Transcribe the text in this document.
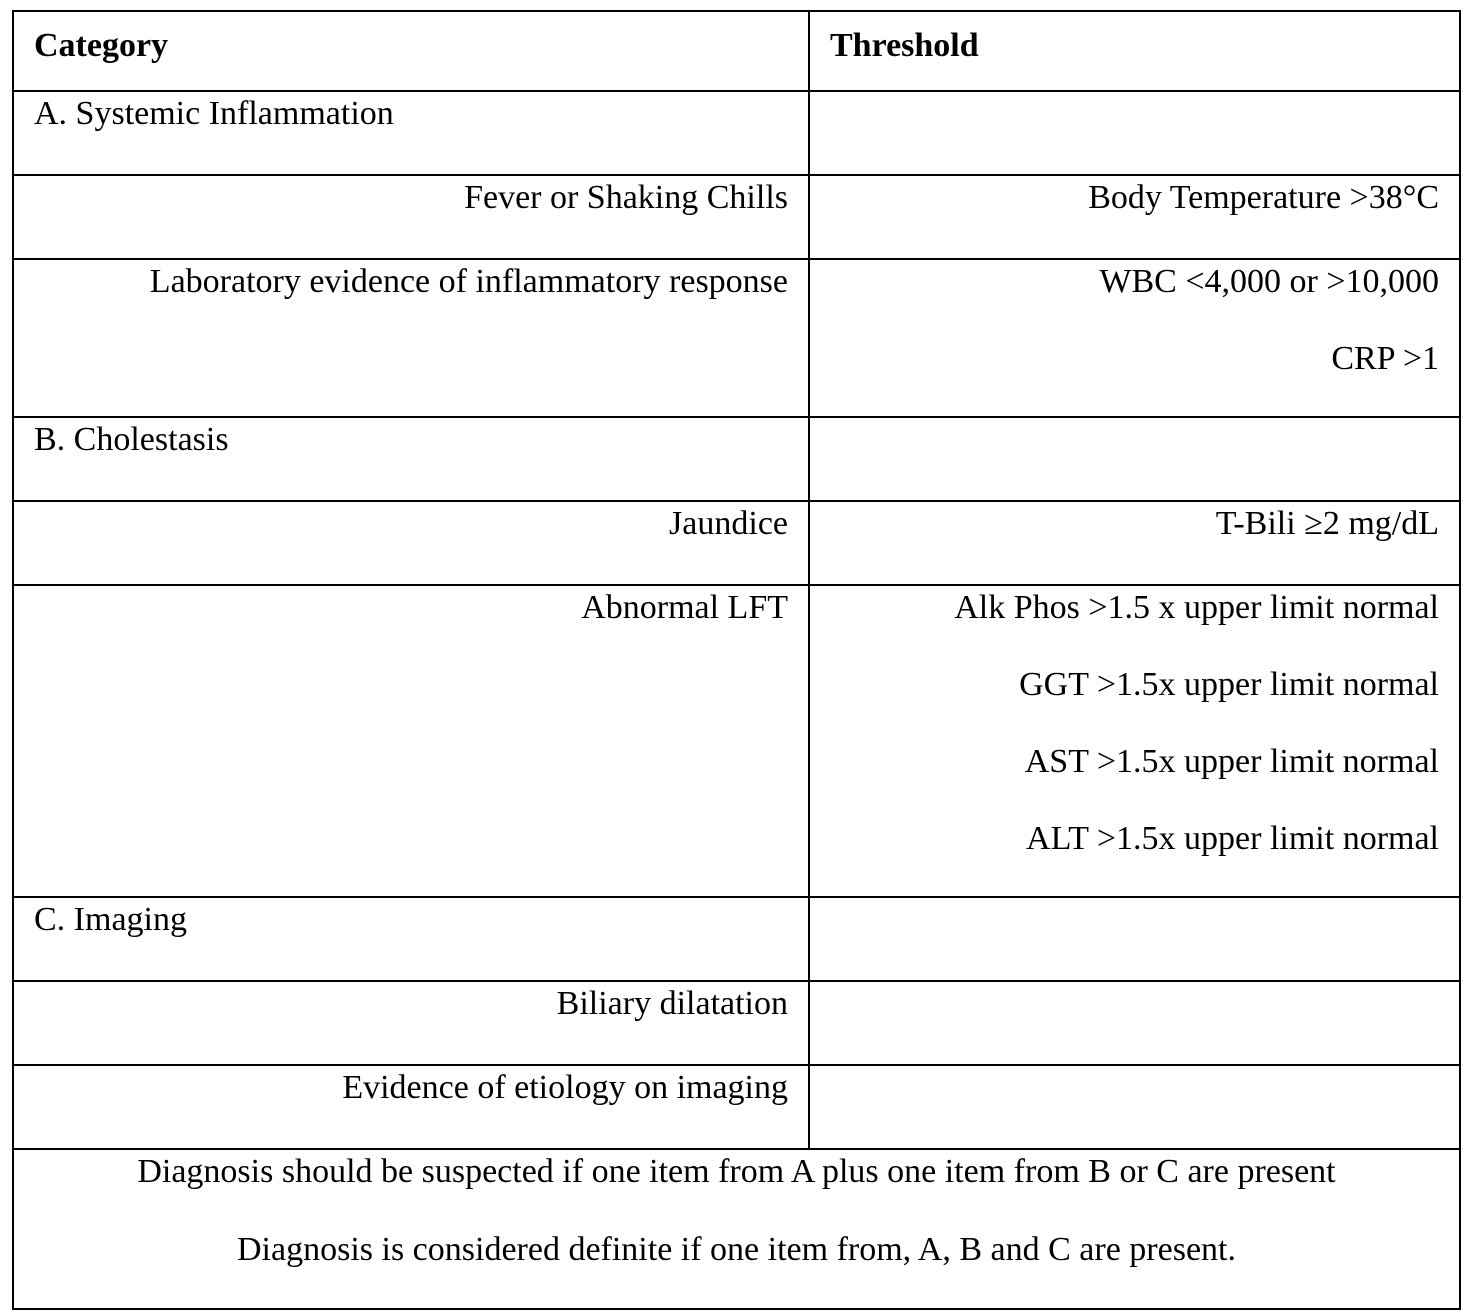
Category	Threshold
A. Systemic Inflammation	
Fever or Shaking Chills	Body Temperature >38°C

Laboratory evidence of inflammatory response	WBC <4,000 or >10,000
CRP >1

B. Cholestasis	
Jaundice	T-Bili ≥2 mg/dL

Abnormal LFT	Alk Phos >1.5 x upper limit normal
GGT >1.5x upper limit normal
AST >1.5x upper limit normal
ALT >1.5x upper limit normal

C. Imaging	
Biliary dilatation	

Evidence of etiology on imaging	

Diagnosis should be suspected if one item from A plus one item from B or C are present
Diagnosis is considered definite if one item from, A, B and C are present.	
